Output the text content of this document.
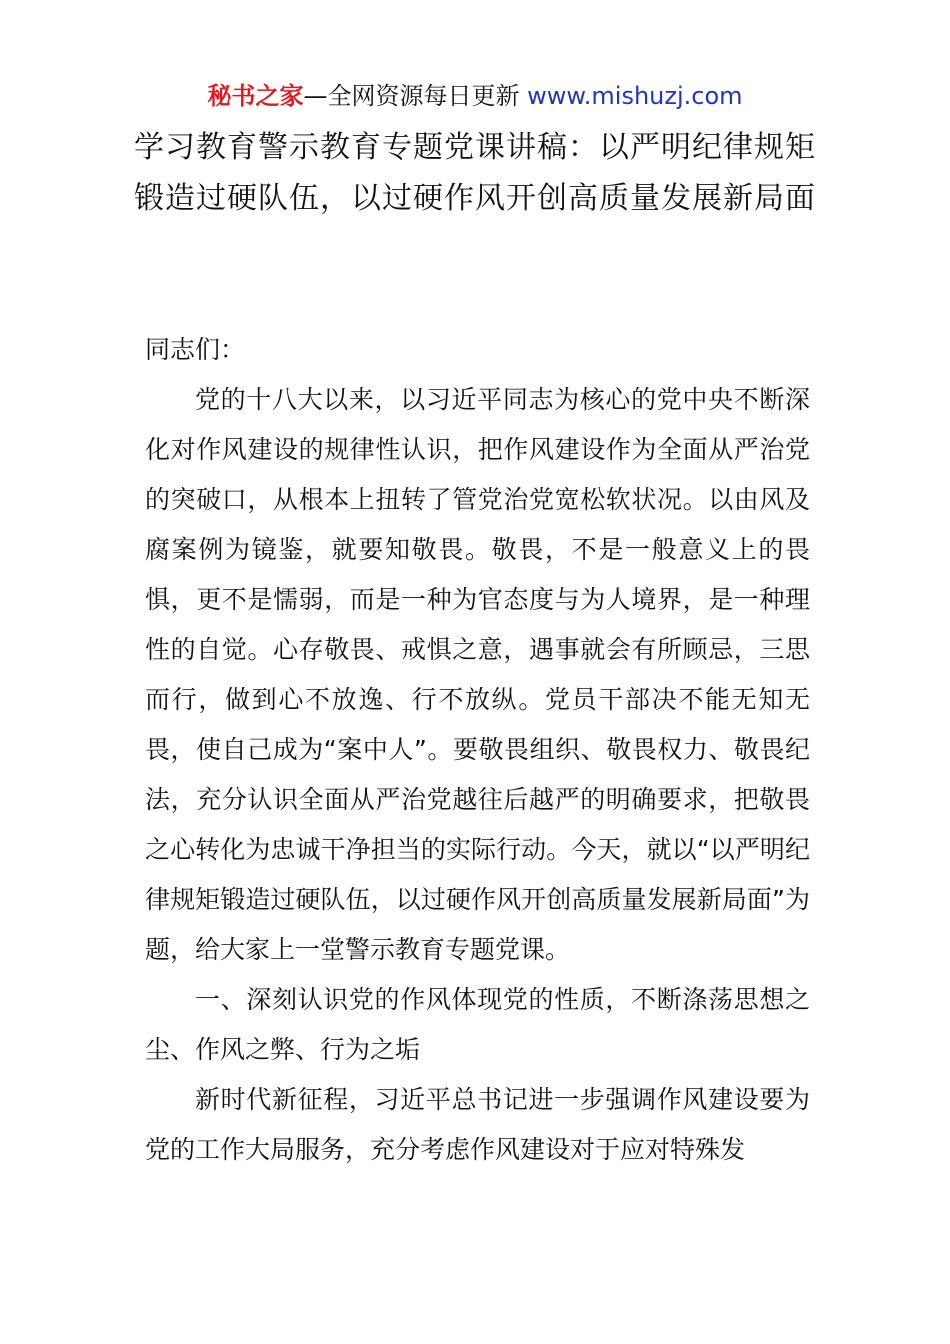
秘书之家—全网资源每日更新 www.mishuzj.com
学习教育警示教育专题党课讲稿：以严明纪律规矩锻造过硬队伍，以过硬作风开创高质量发展新局面

同志们：

党的十八大以来，以习近平同志为核心的党中央不断深化对作风建设的规律性认识，把作风建设作为全面从严治党的突破口，从根本上扭转了管党治党宽松软状况。以由风及腐案例为镜鉴，就要知敬畏。敬畏，不是一般意义上的畏惧，更不是懦弱，而是一种为官态度与为人境界，是一种理性的自觉。心存敬畏、戒惧之意，遇事就会有所顾忌，三思而行，做到心不放逸、行不放纵。党员干部决不能无知无畏，使自己成为“案中人”。要敬畏组织、敬畏权力、敬畏纪法，充分认识全面从严治党越往后越严的明确要求，把敬畏之心转化为忠诚干净担当的实际行动。今天，就以“以严明纪律规矩锻造过硬队伍，以过硬作风开创高质量发展新局面”为题，给大家上一堂警示教育专题党课。

一、深刻认识党的作风体现党的性质，不断涤荡思想之尘、作风之弊、行为之垢

新时代新征程，习近平总书记进一步强调作风建设要为党的工作大局服务，充分考虑作风建设对于应对特殊发
